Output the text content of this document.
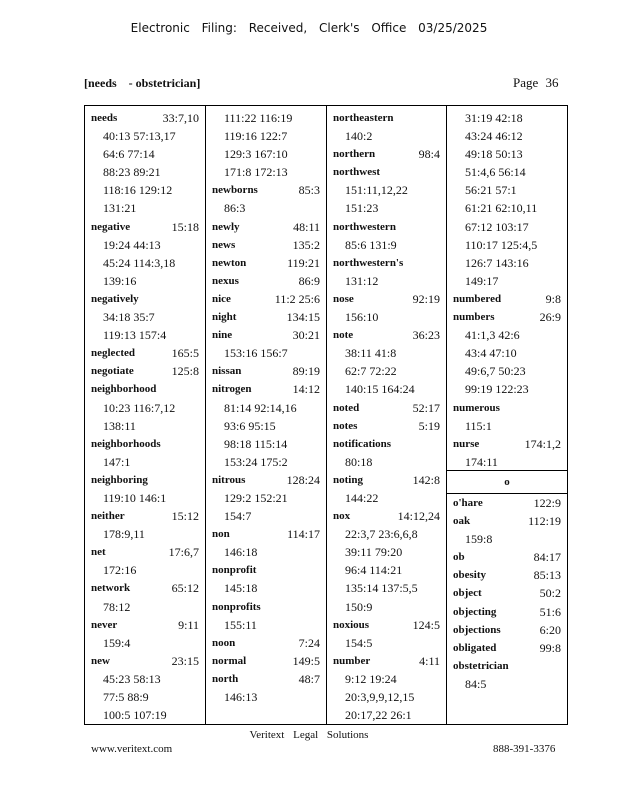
Electronic Filing: Received, Clerk's Office 03/25/2025
[needs    - obstetrician]	Page 36
needs	33:7,10
40:13 57:13,17
64:6 77:14
88:23 89:21
118:16 129:12
131:21
negative	15:18
19:24 44:13
45:24 114:3,18
139:16
negatively
34:18 35:7
119:13 157:4
neglected	165:5
negotiate	125:8
neighborhood
10:23 116:7,12
138:11
neighborhoods
147:1
neighboring
119:10 146:1
neither	15:12
178:9,11
net	17:6,7
172:16
network	65:12
78:12
never	9:11
159:4
new	23:15
45:23 58:13
77:5 88:9
100:5 107:19
111:22 116:19
119:16 122:7
129:3 167:10
171:8 172:13
newborns	85:3
86:3
newly	48:11
news	135:2
newton	119:21
nexus	86:9
nice	11:2 25:6
night	134:15
nine	30:21
153:16 156:7
nissan	89:19
nitrogen	14:12
81:14 92:14,16
93:6 95:15
98:18 115:14
153:24 175:2
nitrous	128:24
129:2 152:21
154:7
non	114:17
146:18
nonprofit
145:18
nonprofits
155:11
noon	7:24
normal	149:5
north	48:7
146:13
northeastern
140:2
northern	98:4
northwest
151:11,12,22
151:23
northwestern
85:6 131:9
northwestern's
131:12
nose	92:19
156:10
note	36:23
38:11 41:8
62:7 72:22
140:15 164:24
noted	52:17
notes	5:19
notifications
80:18
noting	142:8
144:22
nox	14:12,24
22:3,7 23:6,6,8
39:11 79:20
96:4 114:21
135:14 137:5,5
150:9
noxious	124:5
154:5
number	4:11
9:12 19:24
20:3,9,9,12,15
20:17,22 26:1
31:19 42:18
43:24 46:12
49:18 50:13
51:4,6 56:14
56:21 57:1
61:21 62:10,11
67:12 103:17
110:17 125:4,5
126:7 143:16
149:17
numbered	9:8
numbers	26:9
41:1,3 42:6
43:4 47:10
49:6,7 50:23
99:19 122:23
numerous
115:1
nurse	174:1,2
174:11
o
o'hare	122:9
oak	112:19
159:8
ob	84:17
obesity	85:13
object	50:2
objecting	51:6
objections	6:20
obligated	99:8
obstetrician
84:5
Veritext Legal Solutions
www.veritext.com	888-391-3376
